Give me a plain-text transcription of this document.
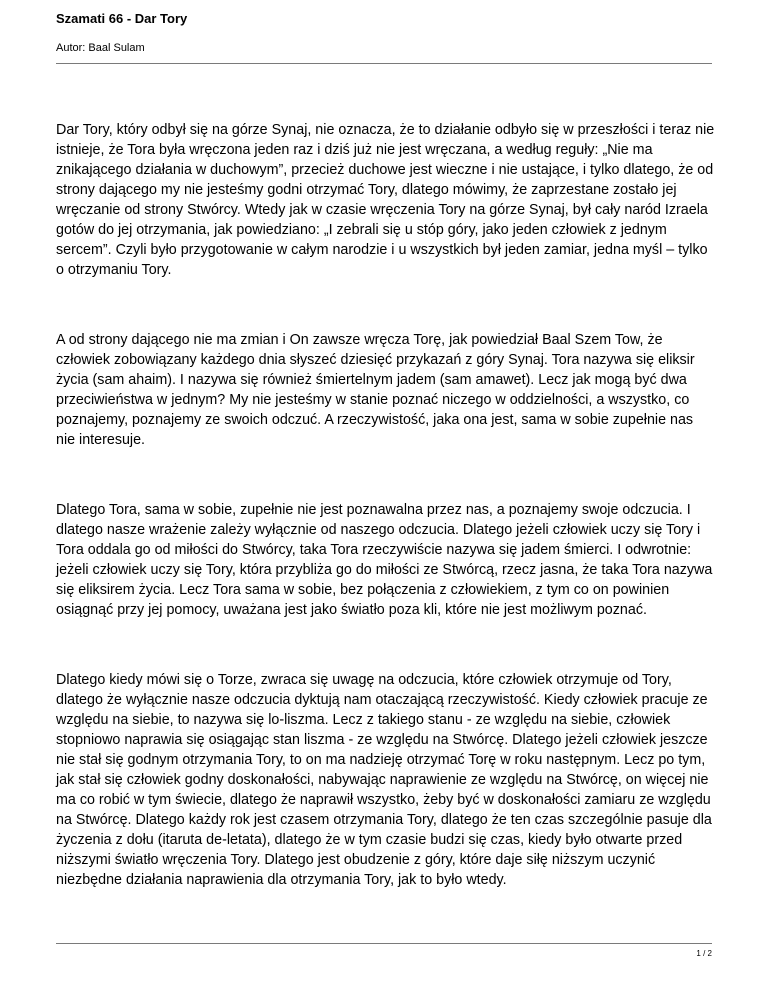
Szamati 66 - Dar Tory
Autor: Baal Sulam

Dar Tory, który odbył się na górze Synaj, nie oznacza, że to działanie odbyło się w przeszłości i teraz nie istnieje, że Tora była wręczona jeden raz i dziś już nie jest wręczana, a według reguły: „Nie ma znikającego działania w duchowym”, przecież duchowe jest wieczne i nie ustające, i tylko dlatego, że od strony dającego my nie jesteśmy godni otrzymać Tory, dlatego mówimy, że zaprzestane zostało jej wręczanie od strony Stwórcy. Wtedy jak w czasie wręczenia Tory na górze Synaj, był cały naród Izraela gotów do jej otrzymania, jak powiedziano: „I zebrali się u stóp góry, jako jeden człowiek z jednym sercem”. Czyli było przygotowanie w całym narodzie i u wszystkich był jeden zamiar, jedna myśl – tylko o otrzymaniu Tory.

A od strony dającego nie ma zmian i On zawsze wręcza Torę, jak powiedział Baal Szem Tow, że człowiek zobowiązany każdego dnia słyszeć dziesięć przykazań z góry Synaj. Tora nazywa się eliksir życia (sam ahaim). I nazywa się również śmiertelnym jadem (sam amawet). Lecz jak mogą być dwa przeciwieństwa w jednym? My nie jesteśmy w stanie poznać niczego w oddzielności, a wszystko, co poznajemy, poznajemy ze swoich odczuć. A rzeczywistość, jaka ona jest, sama w sobie zupełnie nas nie interesuje.

Dlatego Tora, sama w sobie, zupełnie nie jest poznawalna przez nas, a poznajemy swoje odczucia. I dlatego nasze wrażenie zależy wyłącznie od naszego odczucia. Dlatego jeżeli człowiek uczy się Tory i Tora oddala go od miłości do Stwórcy, taka Tora rzeczywiście nazywa się jadem śmierci. I odwrotnie: jeżeli człowiek uczy się Tory, która przybliża go do miłości ze Stwórcą, rzecz jasna, że taka Tora nazywa się eliksirem życia. Lecz Tora sama w sobie, bez połączenia z człowiekiem, z tym co on powinien osiągnąć przy jej pomocy, uważana jest jako światło poza kli, które nie jest możliwym poznać.

Dlatego kiedy mówi się o Torze, zwraca się uwagę na odczucia, które człowiek otrzymuje od Tory, dlatego że wyłącznie nasze odczucia dyktują nam otaczającą rzeczywistość. Kiedy człowiek pracuje ze względu na siebie, to nazywa się lo-liszma. Lecz z takiego stanu - ze względu na siebie, człowiek stopniowo naprawia się osiągając stan liszma - ze względu na Stwórcę. Dlatego jeżeli człowiek jeszcze nie stał się godnym otrzymania Tory, to on ma nadzieję otrzymać Torę w roku następnym. Lecz po tym, jak stał się człowiek godny doskonałości, nabywając naprawienie ze względu na Stwórcę, on więcej nie ma co robić w tym świecie, dlatego że naprawił wszystko, żeby być w doskonałości zamiaru ze względu na Stwórcę. Dlatego każdy rok jest czasem otrzymania Tory, dlatego że ten czas szczególnie pasuje dla życzenia z dołu (itaruta de-letata), dlatego że w tym czasie budzi się czas, kiedy było otwarte przed niższymi światło wręczenia Tory. Dlatego jest obudzenie z góry, które daje siłę niższym uczynić niezbędne działania naprawienia dla otrzymania Tory, jak to było wtedy.

1 / 2
